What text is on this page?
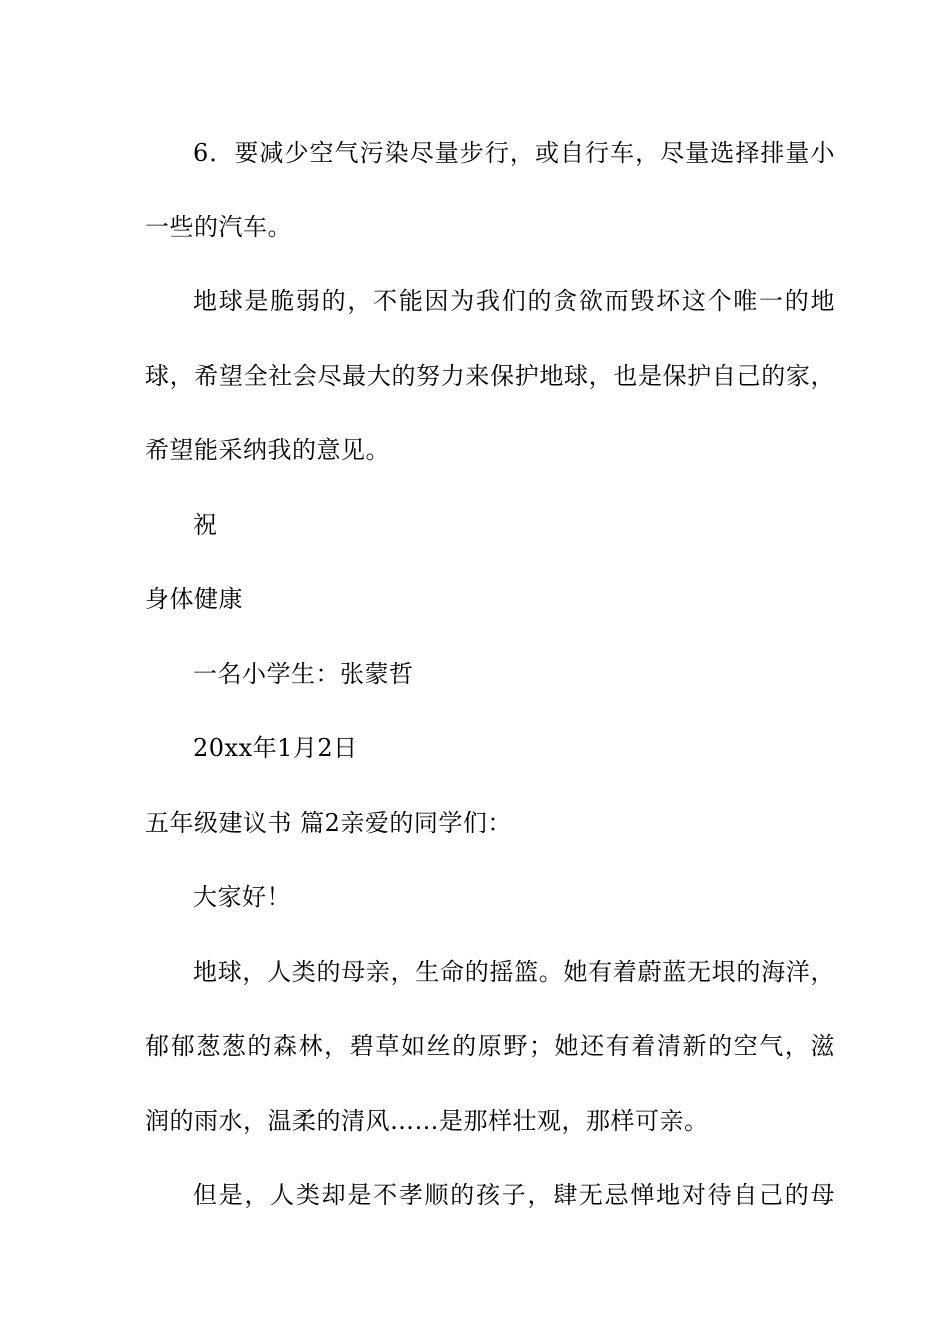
6．要减少空气污染尽量步行，或自行车，尽量选择排量小
一些的汽车。
地球是脆弱的，不能因为我们的贪欲而毁坏这个唯一的地
球，希望全社会尽最大的努力来保护地球，也是保护自己的家，
希望能采纳我的意见。
祝
身体健康
一名小学生：张蒙哲
20xx年1月2日
五年级建议书 篇2亲爱的同学们：
大家好！
地球，人类的母亲，生命的摇篮。她有着蔚蓝无垠的海洋，
郁郁葱葱的森林，碧草如丝的原野；她还有着清新的空气，滋
润的雨水，温柔的清风……是那样壮观，那样可亲。
但是，人类却是不孝顺的孩子，肆无忌惮地对待自己的母
